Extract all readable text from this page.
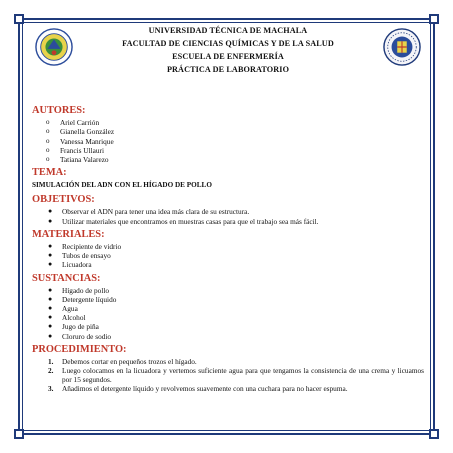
UNIVERSIDAD TÉCNICA DE MACHALA
FACULTAD DE CIENCIAS QUÍMICAS Y DE LA SALUD
ESCUELA DE ENFERMERÍA
PRÁCTICA DE LABORATORIO
AUTORES:
o Ariel Carrión
o Gianella González
o Vanessa Manrique
o Francis Ullauri
o Tatiana Valarezo
TEMA:
SIMULACIÓN DEL ADN CON EL HÍGADO DE POLLO
OBJETIVOS:
● Observar el ADN para tener una idea más clara de su estructura.
● Utilizar materiales que encontramos en muestras casas para que el trabajo sea más fácil.
MATERIALES:
● Recipiente de vidrio
● Tubos de ensayo
● Licuadora
SUSTANCIAS:
● Hígado de pollo
● Detergente líquido
● Agua
● Alcohol
● Jugo de piña
● Cloruro de sodio
PROCEDIMIENTO:
1. Debemos cortar en pequeños trozos el hígado.
2. Luego colocamos en la licuadora y vertemos suficiente agua para que tengamos la consistencia de una crema y licuamos por 15 segundos.
3. Añadimos el detergente líquido y revolvemos suavemente con una cuchara para no hacer espuma.
